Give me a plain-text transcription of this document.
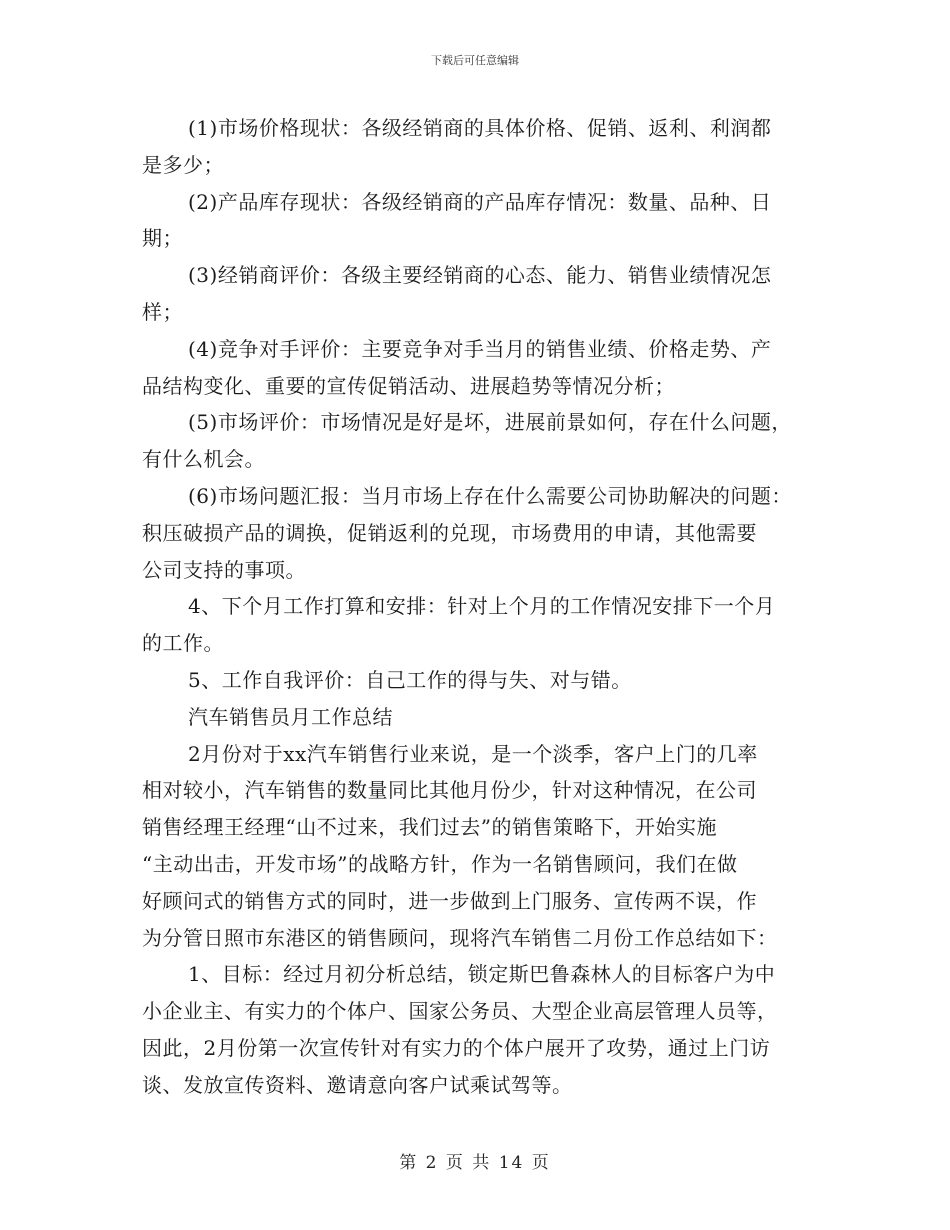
下载后可任意编辑
(1)市场价格现状：各级经销商的具体价格、促销、返利、利润都
是多少；
(2)产品库存现状：各级经销商的产品库存情况：数量、品种、日
期；
(3)经销商评价：各级主要经销商的心态、能力、销售业绩情况怎
样；
(4)竞争对手评价：主要竞争对手当月的销售业绩、价格走势、产
品结构变化、重要的宣传促销活动、进展趋势等情况分析；
(5)市场评价：市场情况是好是坏，进展前景如何，存在什么问题，
有什么机会。
(6)市场问题汇报：当月市场上存在什么需要公司协助解决的问题：
积压破损产品的调换，促销返利的兑现，市场费用的申请，其他需要
公司支持的事项。
4、下个月工作打算和安排：针对上个月的工作情况安排下一个月
的工作。
5、工作自我评价：自己工作的得与失、对与错。
汽车销售员月工作总结
2月份对于xx汽车销售行业来说，是一个淡季，客户上门的几率
相对较小，汽车销售的数量同比其他月份少，针对这种情况，在公司
销售经理王经理“山不过来，我们过去”的销售策略下，开始实施
“主动出击，开发市场”的战略方针，作为一名销售顾问，我们在做
好顾问式的销售方式的同时，进一步做到上门服务、宣传两不误，作
为分管日照市东港区的销售顾问，现将汽车销售二月份工作总结如下：
1、目标：经过月初分析总结，锁定斯巴鲁森林人的目标客户为中
小企业主、有实力的个体户、国家公务员、大型企业高层管理人员等，
因此，2月份第一次宣传针对有实力的个体户展开了攻势，通过上门访
谈、发放宣传资料、邀请意向客户试乘试驾等。
第 2 页 共 14 页
